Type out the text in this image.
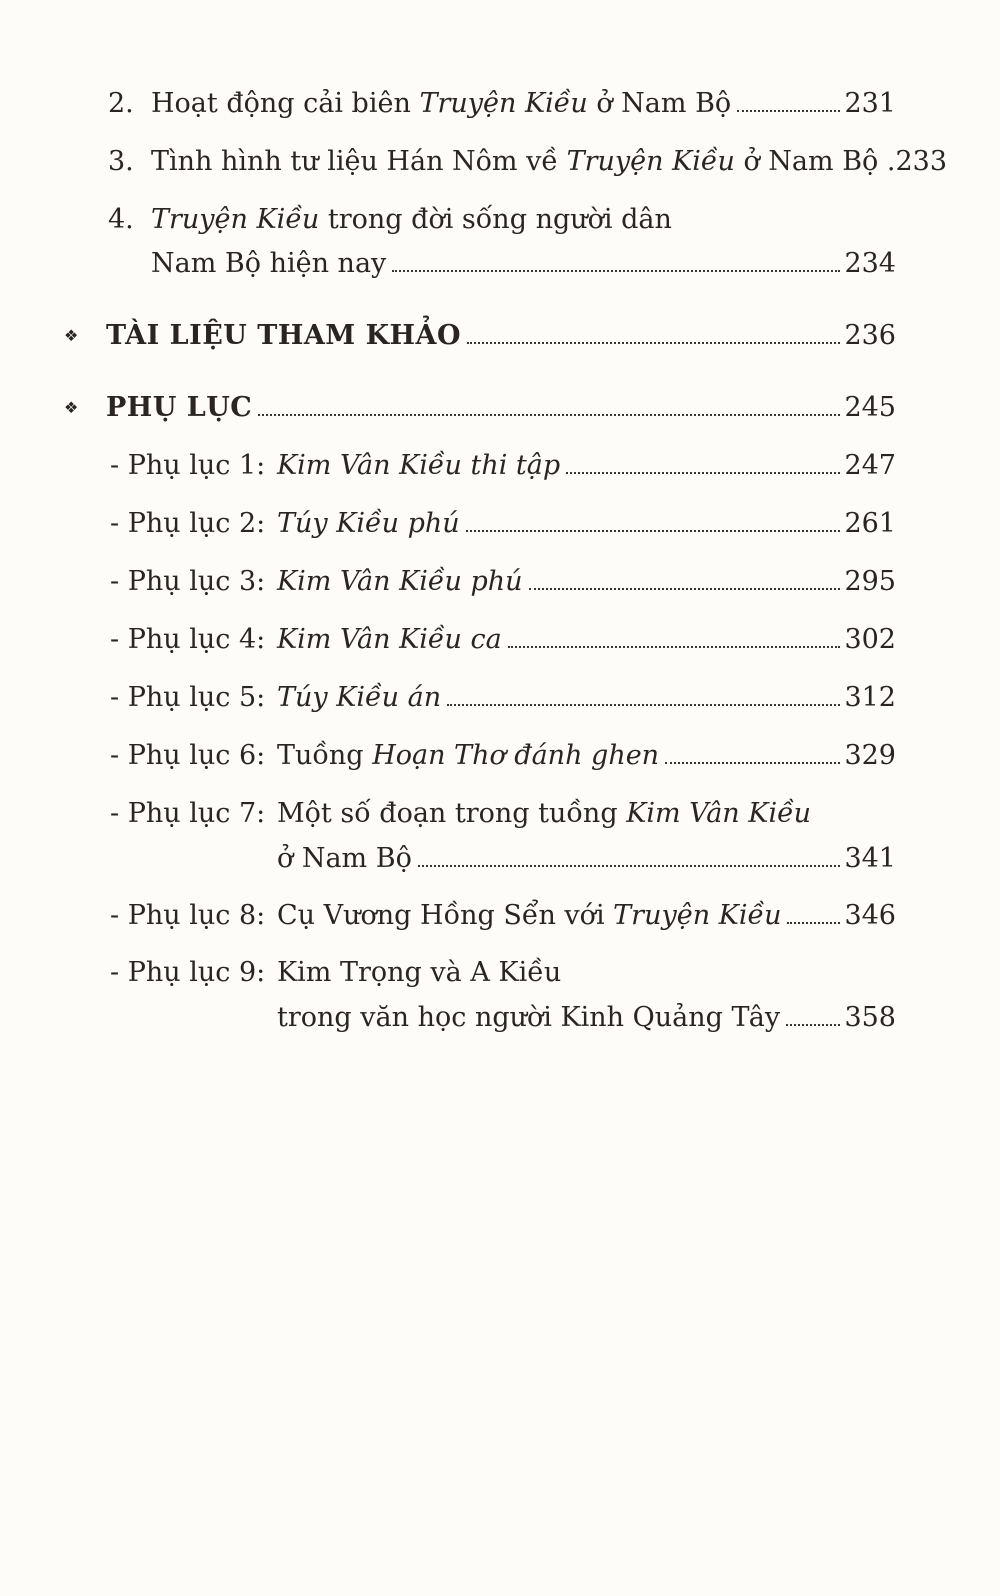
2. Hoạt động cải biên Truyện Kiều ở Nam Bộ	231
3. Tình hình tư liệu Hán Nôm về Truyện Kiều ở Nam Bộ . 233
4. Truyện Kiều trong đời sống người dân
Nam Bộ hiện nay	234
❖ TÀI LIỆU THAM KHẢO	236
❖ PHỤ LỤC	245
- Phụ lục 1: Kim Vân Kiều thi tập	247
- Phụ lục 2: Túy Kiều phú	261
- Phụ lục 3: Kim Vân Kiều phú	295
- Phụ lục 4: Kim Vân Kiều ca	302
- Phụ lục 5: Túy Kiều án	312
- Phụ lục 6: Tuồng Hoạn Thơ đánh ghen	329
- Phụ lục 7: Một số đoạn trong tuồng Kim Vân Kiều
ở Nam Bộ	341
- Phụ lục 8: Cụ Vương Hồng Sển với Truyện Kiều 346
- Phụ lục 9: Kim Trọng và A Kiều
trong văn học người Kinh Quảng Tây 358
